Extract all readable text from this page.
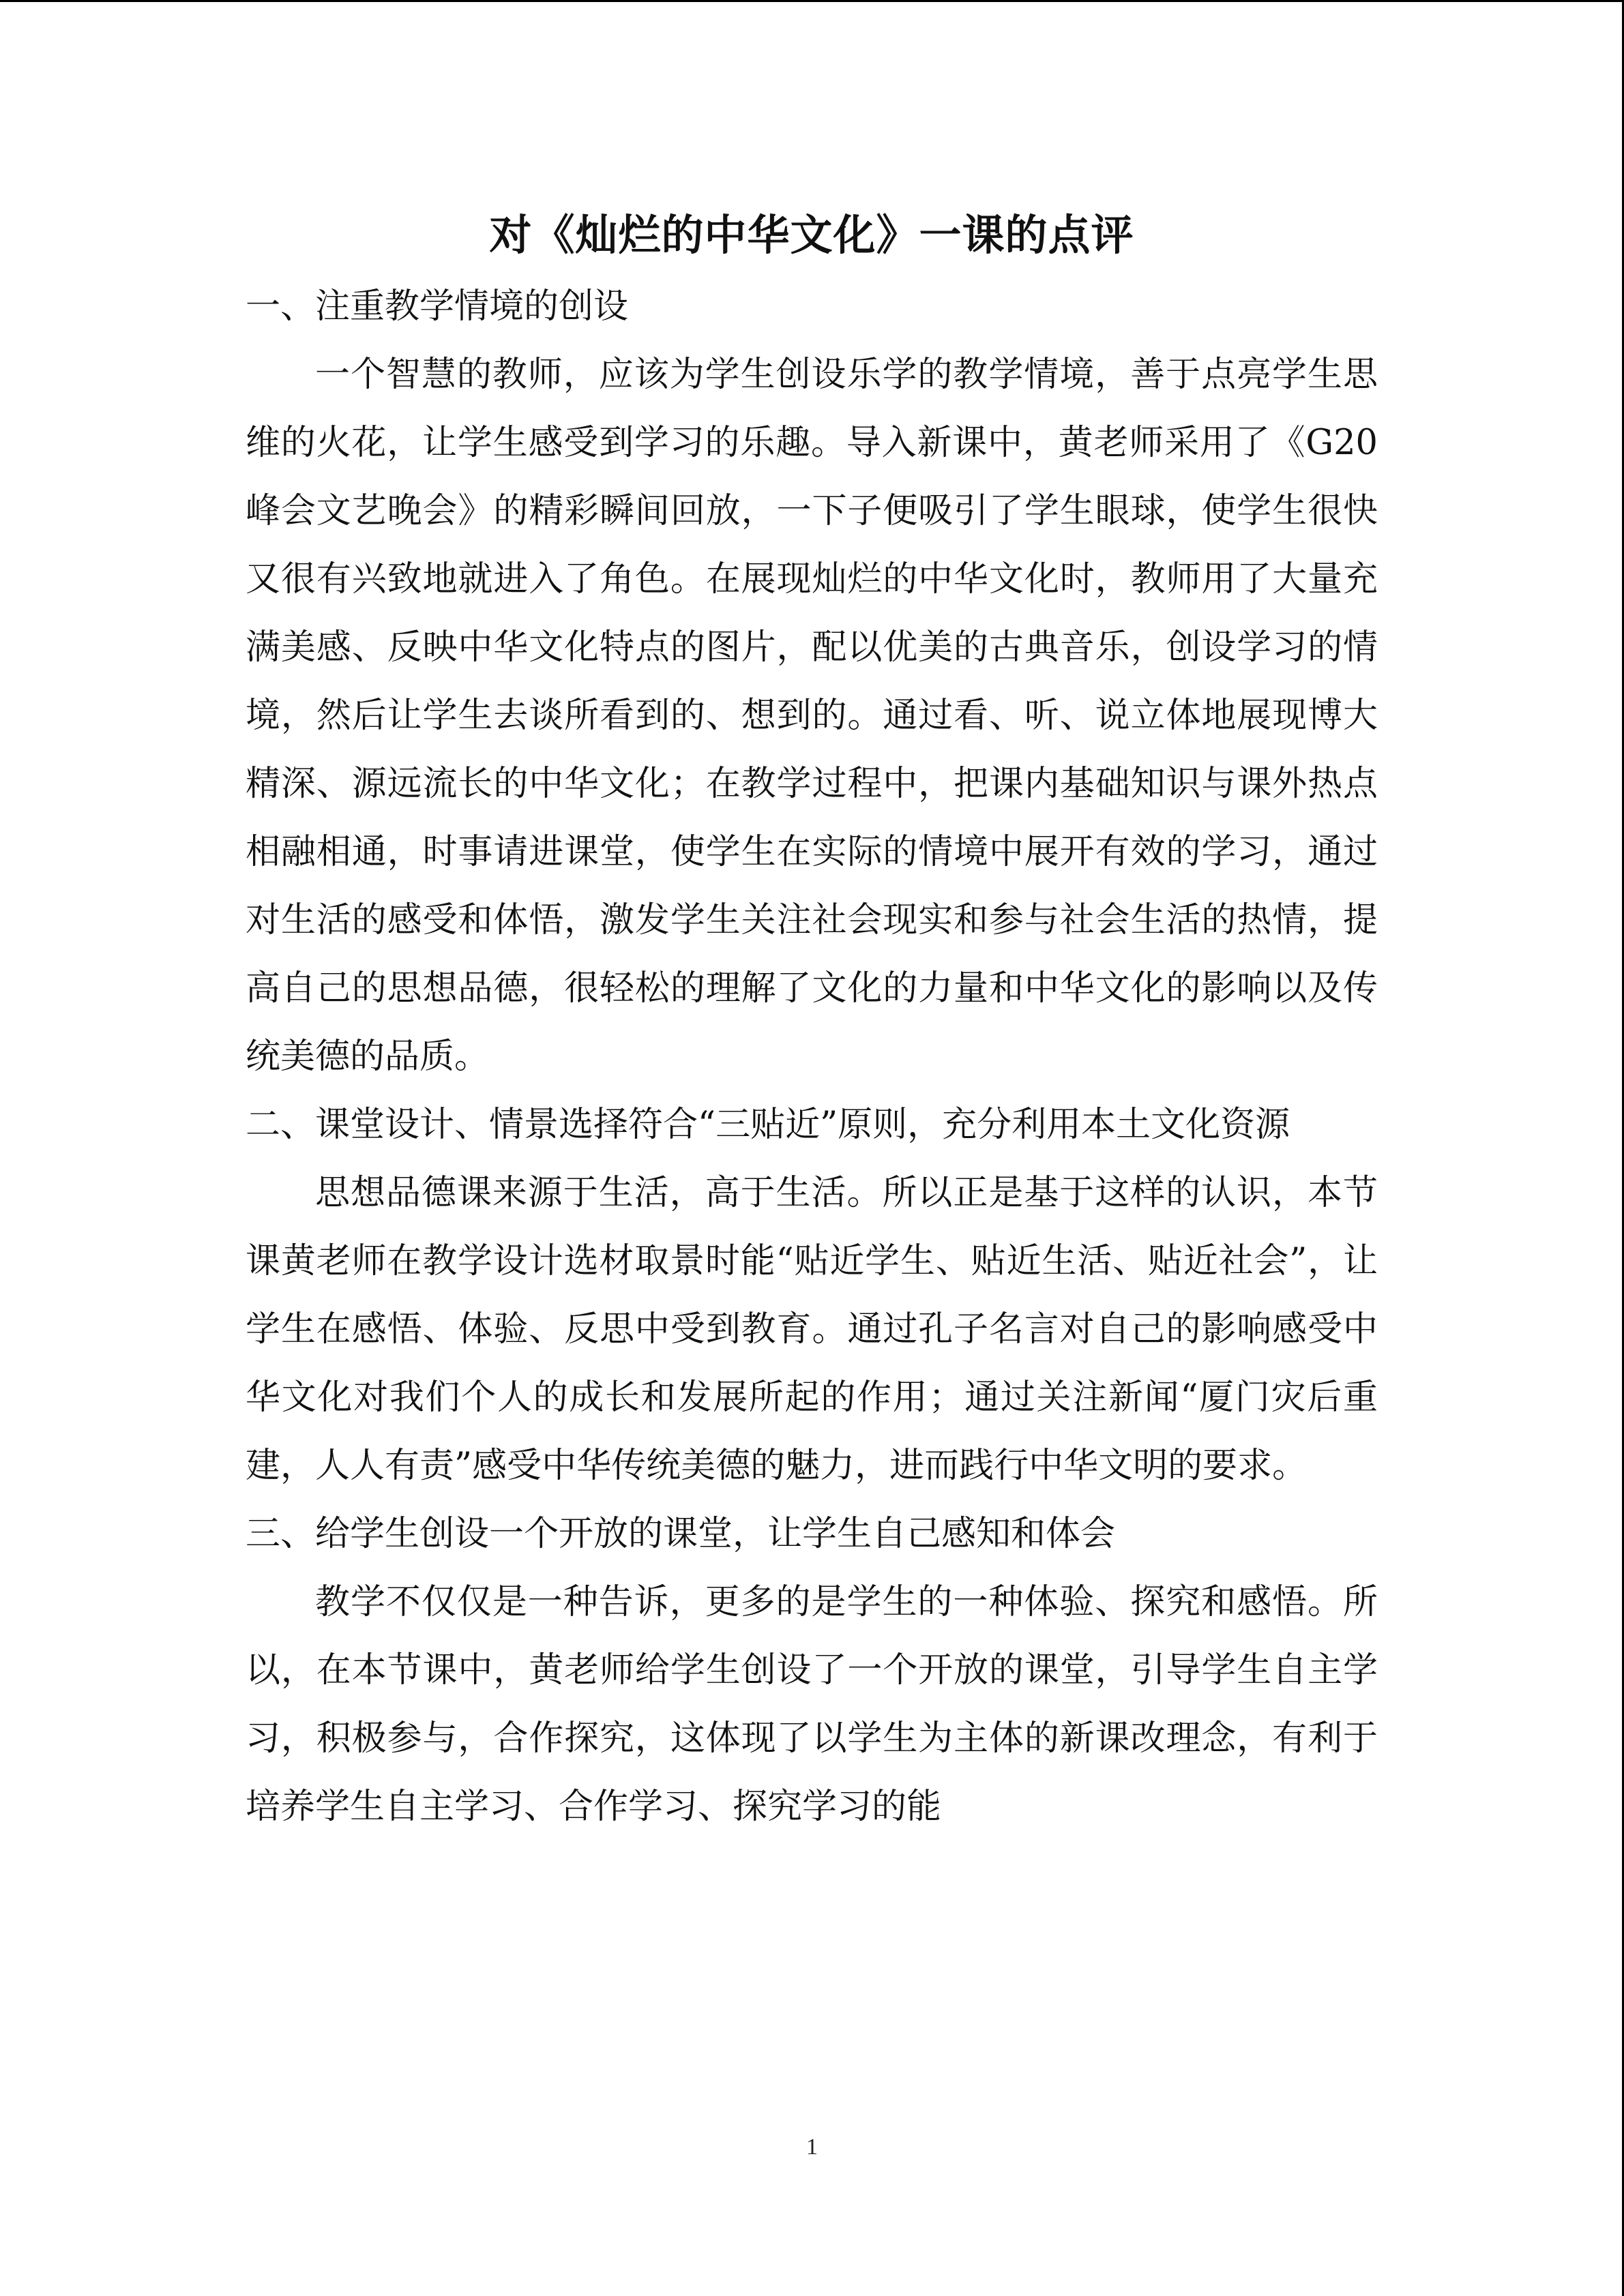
对《灿烂的中华文化》一课的点评

一、注重教学情境的创设

一个智慧的教师，应该为学生创设乐学的教学情境，善于点亮学生思维的火花，让学生感受到学习的乐趣。导入新课中，黄老师采用了《G20峰会文艺晚会》的精彩瞬间回放，一下子便吸引了学生眼球，使学生很快又很有兴致地就进入了角色。在展现灿烂的中华文化时，教师用了大量充满美感、反映中华文化特点的图片，配以优美的古典音乐，创设学习的情境，然后让学生去谈所看到的、想到的。通过看、听、说立体地展现博大精深、源远流长的中华文化；在教学过程中，把课内基础知识与课外热点相融相通，时事请进课堂，使学生在实际的情境中展开有效的学习，通过对生活的感受和体悟，激发学生关注社会现实和参与社会生活的热情，提高自己的思想品德，很轻松的理解了文化的力量和中华文化的影响以及传统美德的品质。

二、课堂设计、情景选择符合“三贴近”原则，充分利用本土文化资源

思想品德课来源于生活，高于生活。所以正是基于这样的认识，本节课黄老师在教学设计选材取景时能“贴近学生、贴近生活、贴近社会”，让学生在感悟、体验、反思中受到教育。通过孔子名言对自己的影响感受中华文化对我们个人的成长和发展所起的作用；通过关注新闻“厦门灾后重建，人人有责”感受中华传统美德的魅力，进而践行中华文明的要求。

三、给学生创设一个开放的课堂，让学生自己感知和体会

教学不仅仅是一种告诉，更多的是学生的一种体验、探究和感悟。所以，在本节课中，黄老师给学生创设了一个开放的课堂，引导学生自主学习，积极参与，合作探究，这体现了以学生为主体的新课改理念，有利于培养学生自主学习、合作学习、探究学习的能

1
